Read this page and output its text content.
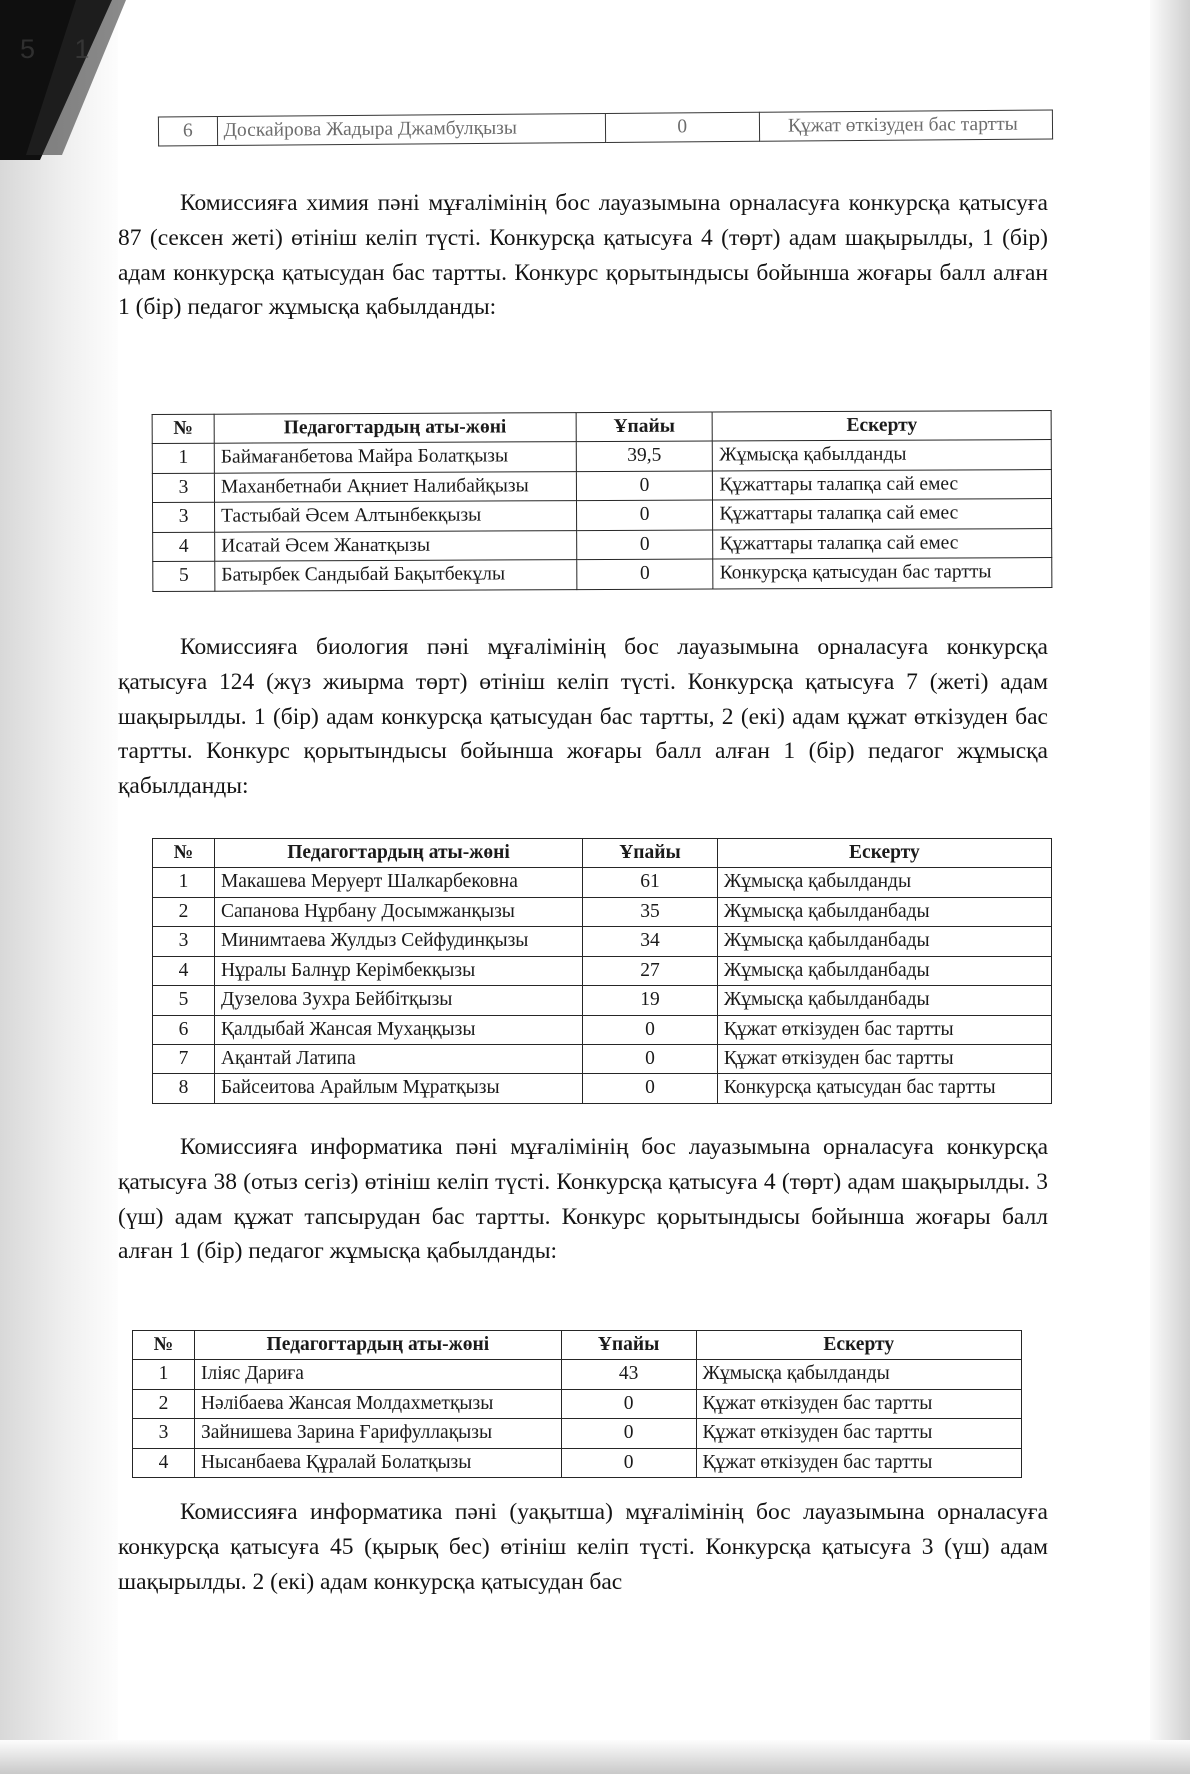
5 1
6	Доскайрова Жадыра Джамбулқызы	0	Құжат өткізуден бас тартты

Комиссияға химия пәні мұғалімінің бос лауазымына орналасуға конкурсқа қатысуға 87 (сексен жеті) өтініш келіп түсті. Конкурсқа қатысуға 4 (төрт) адам шақырылды, 1 (бір) адам конкурсқа қатысудан бас тартты. Конкурс қорытындысы бойынша жоғары балл алған 1 (бір) педагог жұмысқа қабылданды:

№	Педагогтардың аты-жөні	Ұпайы	Ескерту
1	Баймағанбетова Майра Болатқызы	39,5	Жұмысқа қабылданды
3	Маханбетнаби Ақниет Налибайқызы	0	Құжаттары талапқа сай емес
3	Тастыбай Әсем Алтынбекқызы	0	Құжаттары талапқа сай емес
4	Исатай Әсем Жанатқызы	0	Құжаттары талапқа сай емес
5	Батырбек Сандыбай Бақытбекұлы	0	Конкурсқа қатысудан бас тартты

Комиссияға биология пәні мұғалімінің бос лауазымына орналасуға конкурсқа қатысуға 124 (жүз жиырма төрт) өтініш келіп түсті. Конкурсқа қатысуға 7 (жеті) адам шақырылды. 1 (бір) адам конкурсқа қатысудан бас тартты, 2 (екі) адам құжат өткізуден бас тартты. Конкурс қорытындысы бойынша жоғары балл алған 1 (бір) педагог жұмысқа қабылданды:

№	Педагогтардың аты-жөні	Ұпайы	Ескерту
1	Макашева Меруерт Шалкарбековна	61	Жұмысқа қабылданды
2	Сапанова Нұрбану Досымжанқызы	35	Жұмысқа қабылданбады
3	Минимтаева Жулдыз Сейфудинқызы	34	Жұмысқа қабылданбады
4	Нұралы Балнұр Керімбекқызы	27	Жұмысқа қабылданбады
5	Дузелова Зухра Бейбітқызы	19	Жұмысқа қабылданбады
6	Қалдыбай Жансая Мухаңқызы	0	Құжат өткізуден бас тартты
7	Ақантай Латипа	0	Құжат өткізуден бас тартты
8	Байсеитова Арайлым Мұратқызы	0	Конкурсқа қатысудан бас тартты

Комиссияға информатика пәні мұғалімінің бос лауазымына орналасуға конкурсқа қатысуға 38 (отыз сегіз) өтініш келіп түсті. Конкурсқа қатысуға 4 (төрт) адам шақырылды. 3 (үш) адам құжат тапсырудан бас тартты. Конкурс қорытындысы бойынша жоғары балл алған 1 (бір) педагог жұмысқа қабылданды:

№	Педагогтардың аты-жөні	Ұпайы	Ескерту
1	Іліяс Дариға	43	Жұмысқа қабылданды
2	Нәлібаева Жансая Молдахметқызы	0	Құжат өткізуден бас тартты
3	Зайнишева Зарина Ғарифуллақызы	0	Құжат өткізуден бас тартты
4	Нысанбаева Құралай Болатқызы	0	Құжат өткізуден бас тартты

Комиссияға информатика пәні (уақытша) мұғалімінің бос лауазымына орналасуға конкурсқа қатысуға 45 (қырық бес) өтініш келіп түсті. Конкурсқа қатысуға 3 (үш) адам шақырылды. 2 (екі) адам конкурсқа қатысудан бас
